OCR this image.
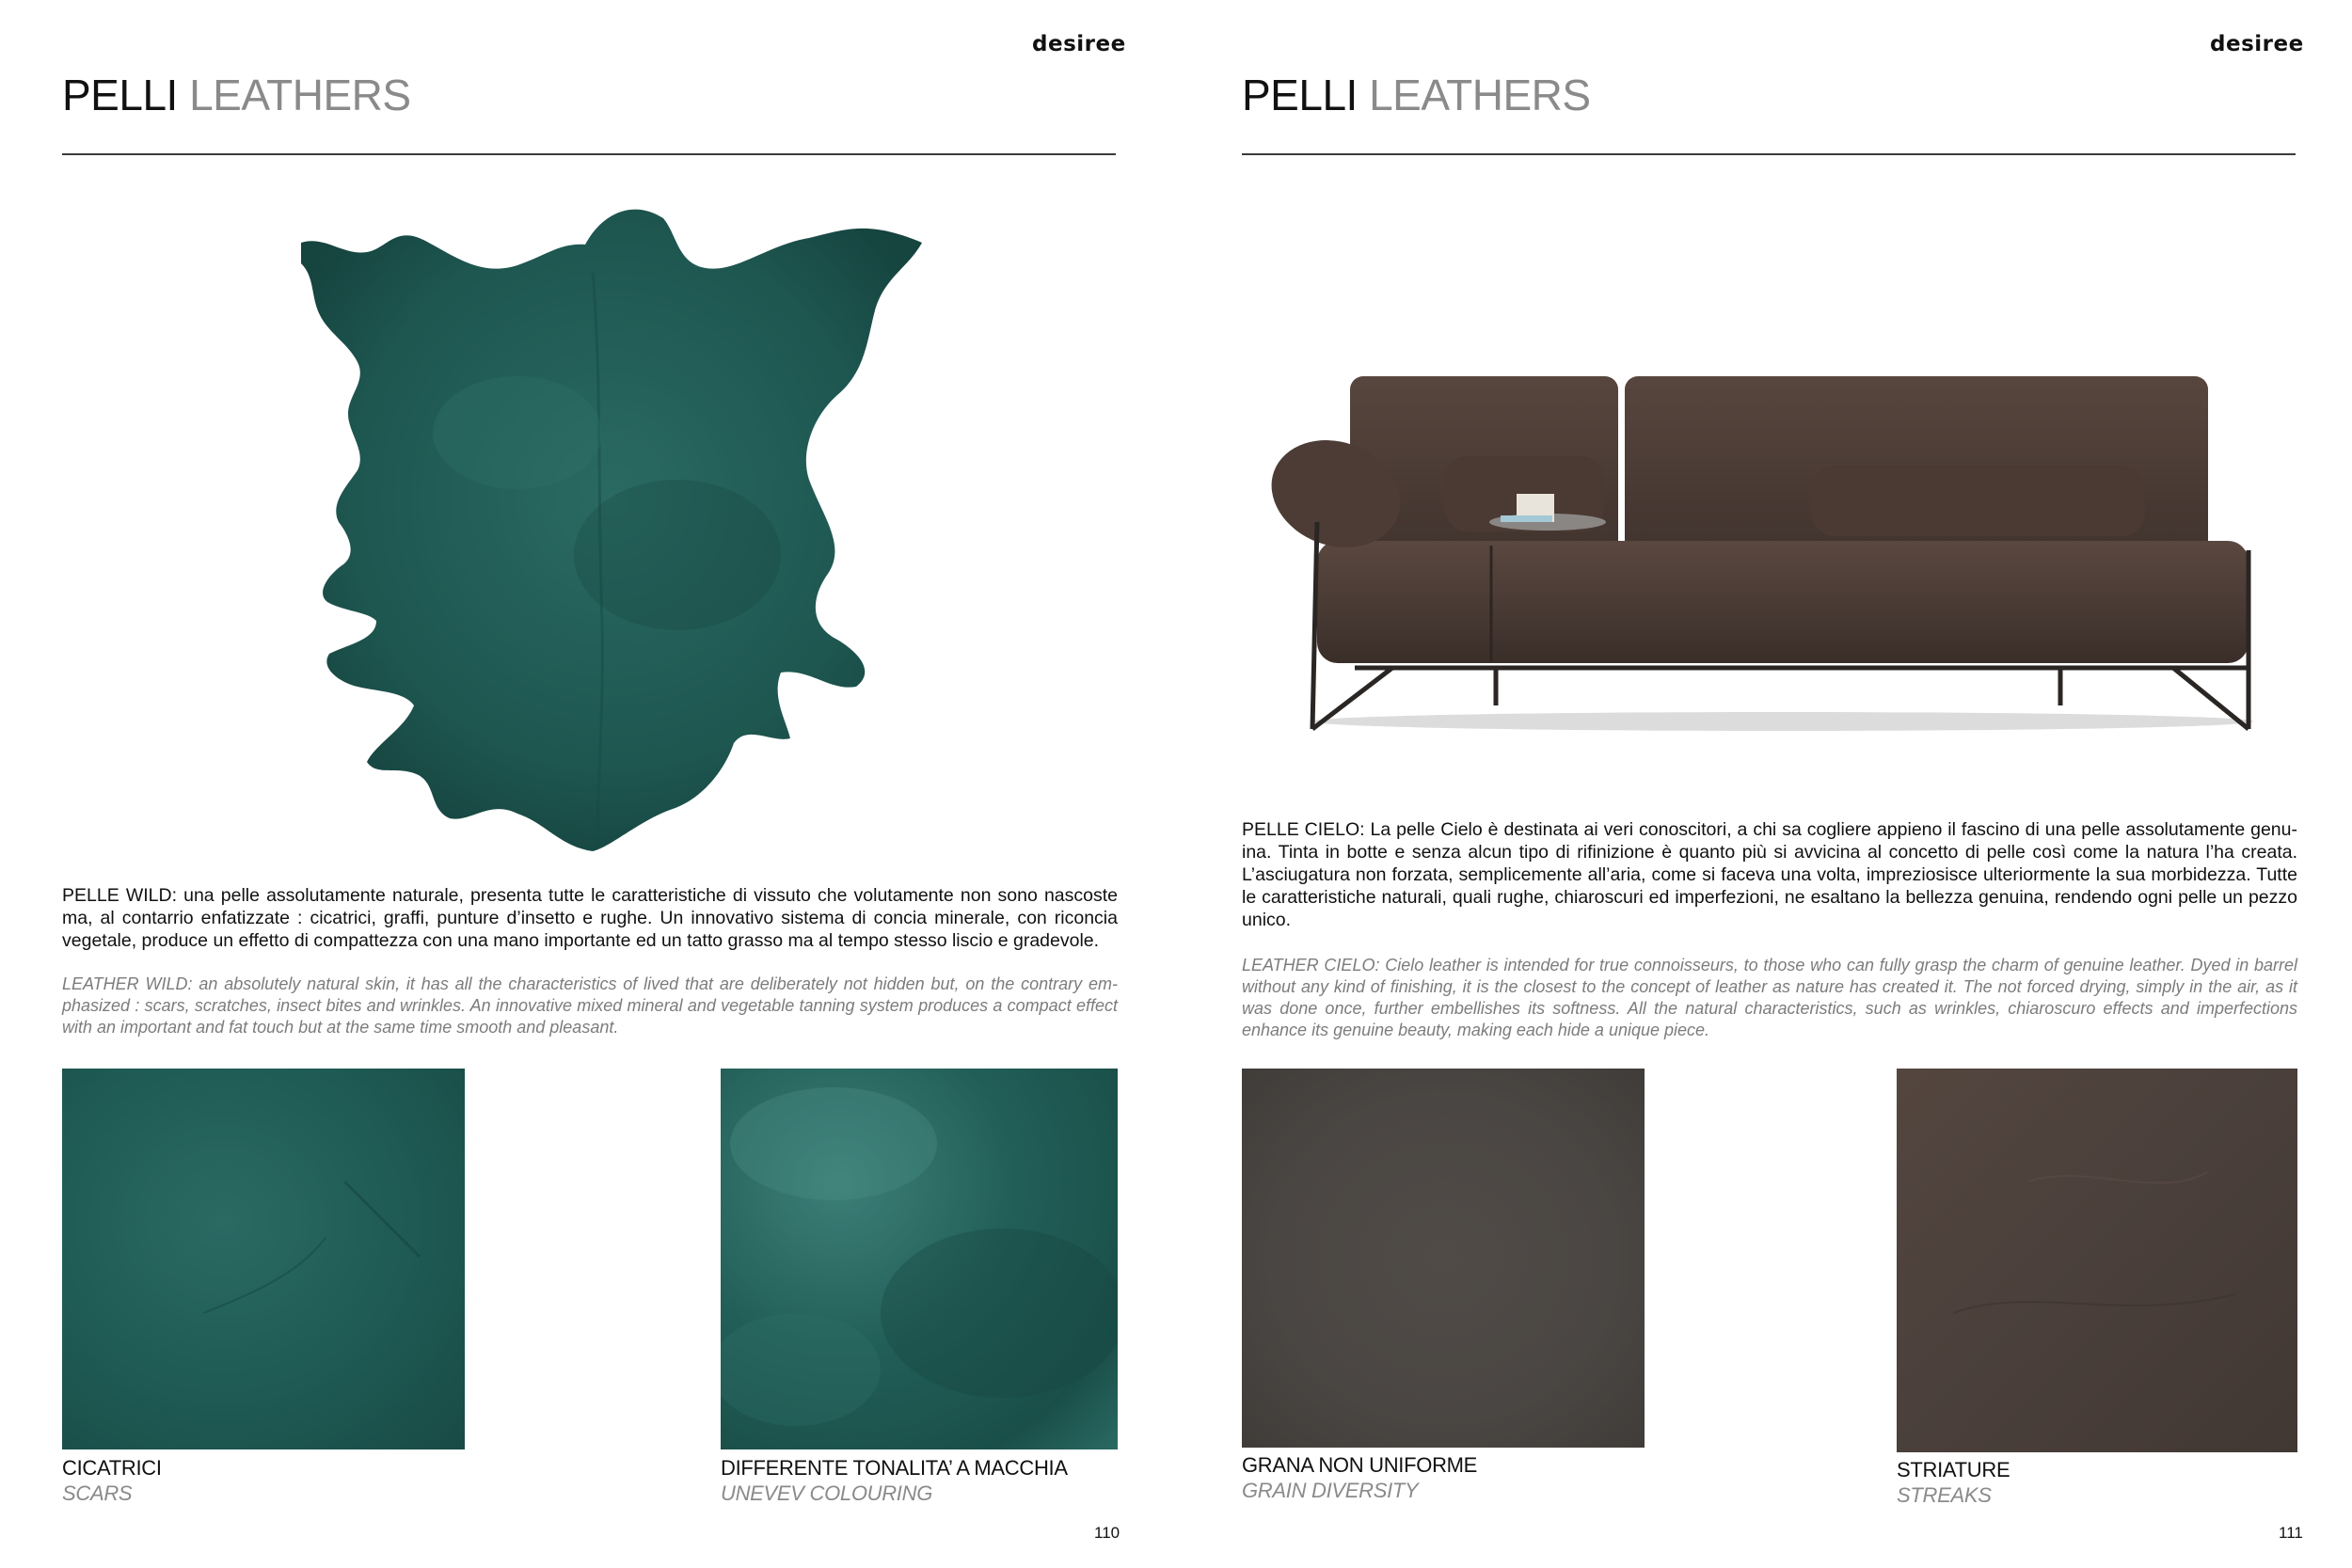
desiree
PELLI LEATHERS
PELLE WILD: una pelle assolutamente naturale, presenta tutte le caratteristiche di vissuto che volutamente non sono nascoste ma, al contarrio enfatizzate : cicatrici, graffi, punture d’insetto e rughe. Un innovativo sistema di concia minerale, con riconcia vegetale, produce un effetto di compattezza con una mano importante ed un tatto grasso ma al tempo stesso liscio e gradevole.
LEATHER WILD: an absolutely natural skin, it has all the characteristics of lived that are deliberately not hidden but, on the contrary em-phasized : scars, scratches, insect bites and wrinkles. An innovative mixed mineral and vegetable tanning system produces a compact effect with an important and fat touch but at the same time smooth and pleasant.
CICATRICI
SCARS
DIFFERENTE TONALITA’ A MACCHIA
UNEVEV COLOURING
110
desiree
PELLI LEATHERS
PELLE CIELO: La pelle Cielo è destinata ai veri conoscitori, a chi sa cogliere appieno il fascino di una pelle assolutamente genu-ina. Tinta in botte e senza alcun tipo di rifinizione è quanto più si avvicina al concetto di pelle così come la natura l’ha creata. L’asciugatura non forzata, semplicemente all’aria, come si faceva una volta, impreziosisce ulteriormente la sua morbidezza. Tutte le caratteristiche naturali, quali rughe, chiaroscuri ed imperfezioni, ne esaltano la bellezza genuina, rendendo ogni pelle un pezzo unico.
LEATHER CIELO: Cielo leather is intended for true connoisseurs, to those who can fully grasp the charm of genuine leather. Dyed in barrel without any kind of finishing, it is the closest to the concept of leather as nature has created it. The not forced drying, simply in the air, as it was done once, further embellishes its softness. All the natural characteristics, such as wrinkles, chiaroscuro effects and imperfections enhance its genuine beauty, making each hide a unique piece.
GRANA NON UNIFORME
GRAIN DIVERSITY
STRIATURE
STREAKS
111
